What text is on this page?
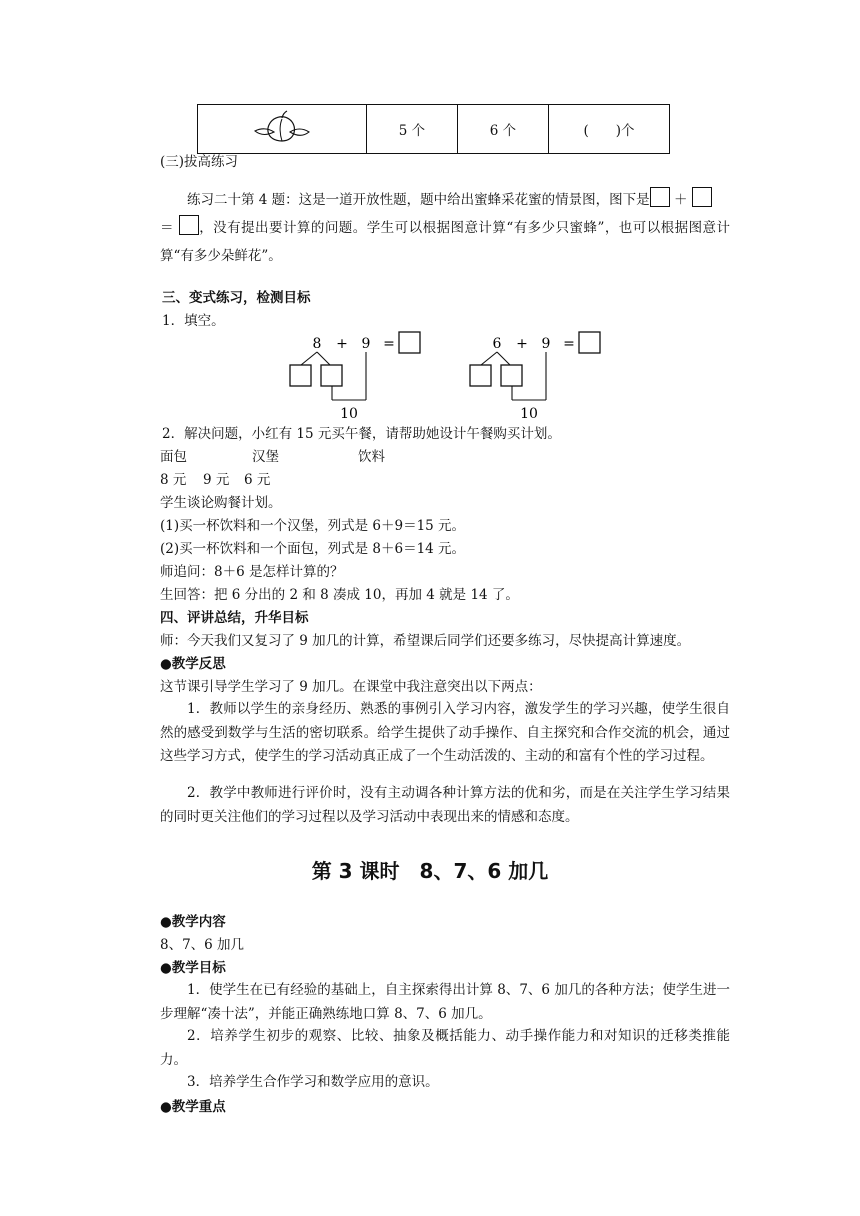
	5 个	6 个	(　　)个
(三)拔高练习
练习二十第 4 题：这是一道开放性题，题中给出蜜蜂采花蜜的情景图，图下是 ＋
＝ ，没有提出要计算的问题。学生可以根据图意计算“有多少只蜜蜂”，也可以根据图意计算“有多少朵鲜花”。
三、变式练习，检测目标
1．填空。
8 + 9 =
10
6 + 9 =
10
2．解决问题，小红有 15 元买午餐，请帮助她设计午餐购买计划。
面包	汉堡	饮料
8 元 9 元 6 元
学生谈论购餐计划。
(1)买一杯饮料和一个汉堡，列式是 6＋9＝15 元。
(2)买一杯饮料和一个面包，列式是 8＋6＝14 元。
师追问：8＋6 是怎样计算的？
生回答：把 6 分出的 2 和 8 凑成 10，再加 4 就是 14 了。
四、评讲总结，升华目标
师：今天我们又复习了 9 加几的计算，希望课后同学们还要多练习，尽快提高计算速度。
●教学反思
这节课引导学生学习了 9 加几。在课堂中我注意突出以下两点：
1．教师以学生的亲身经历、熟悉的事例引入学习内容，激发学生的学习兴趣，使学生很自然的感受到数学与生活的密切联系。给学生提供了动手操作、自主探究和合作交流的机会，通过这些学习方式，使学生的学习活动真正成了一个生动活泼的、主动的和富有个性的学习过程。
2．教学中教师进行评价时，没有主动调各种计算方法的优和劣，而是在关注学生学习结果的同时更关注他们的学习过程以及学习活动中表现出来的情感和态度。
第 3 课时　8、7、6 加几
●教学内容
8、7、6 加几
●教学目标
1．使学生在已有经验的基础上，自主探索得出计算 8、7、6 加几的各种方法；使学生进一步理解“凑十法”，并能正确熟练地口算 8、7、6 加几。
2．培养学生初步的观察、比较、抽象及概括能力、动手操作能力和对知识的迁移类推能力。
3．培养学生合作学习和数学应用的意识。
●教学重点
